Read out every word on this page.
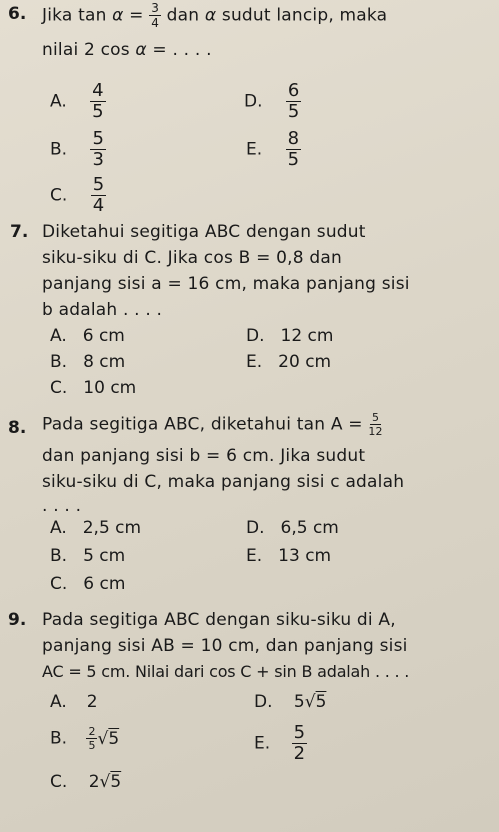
6. Jika $\tan \alpha = \frac{3}{4}$ dan α sudut lancip, maka
nilai 2 cos α = . . . .
A. $\frac{4}{5}$
B. $\frac{5}{3}$
C. $\frac{5}{4}$
D. $\frac{6}{5}$
E. $\frac{8}{5}$
7. Diketahui segitiga ABC dengan sudut
siku-siku di C. Jika cos B = 0,8 dan
panjang sisi a = 16 cm, maka panjang sisi
b adalah . . . .
A. 6 cm
B. 8 cm
C. 10 cm
D. 12 cm
E. 20 cm
8. Pada segitiga ABC, diketahui $\tan A = \frac{5}{12}$
dan panjang sisi b = 6 cm. Jika sudut
siku-siku di C, maka panjang sisi c adalah
. . . .
A. 2,5 cm
B. 5 cm
C. 6 cm
D. 6,5 cm
E. 13 cm
9. Pada segitiga ABC dengan siku-siku di A,
panjang sisi AB = 10 cm, dan panjang sisi
AC = 5 cm. Nilai dari cos C + sin B adalah . . . .
A. 2
B. $\frac{2}{5} √5$
C. 2√5
D. 5√5
E. $\frac{5}{2}$
